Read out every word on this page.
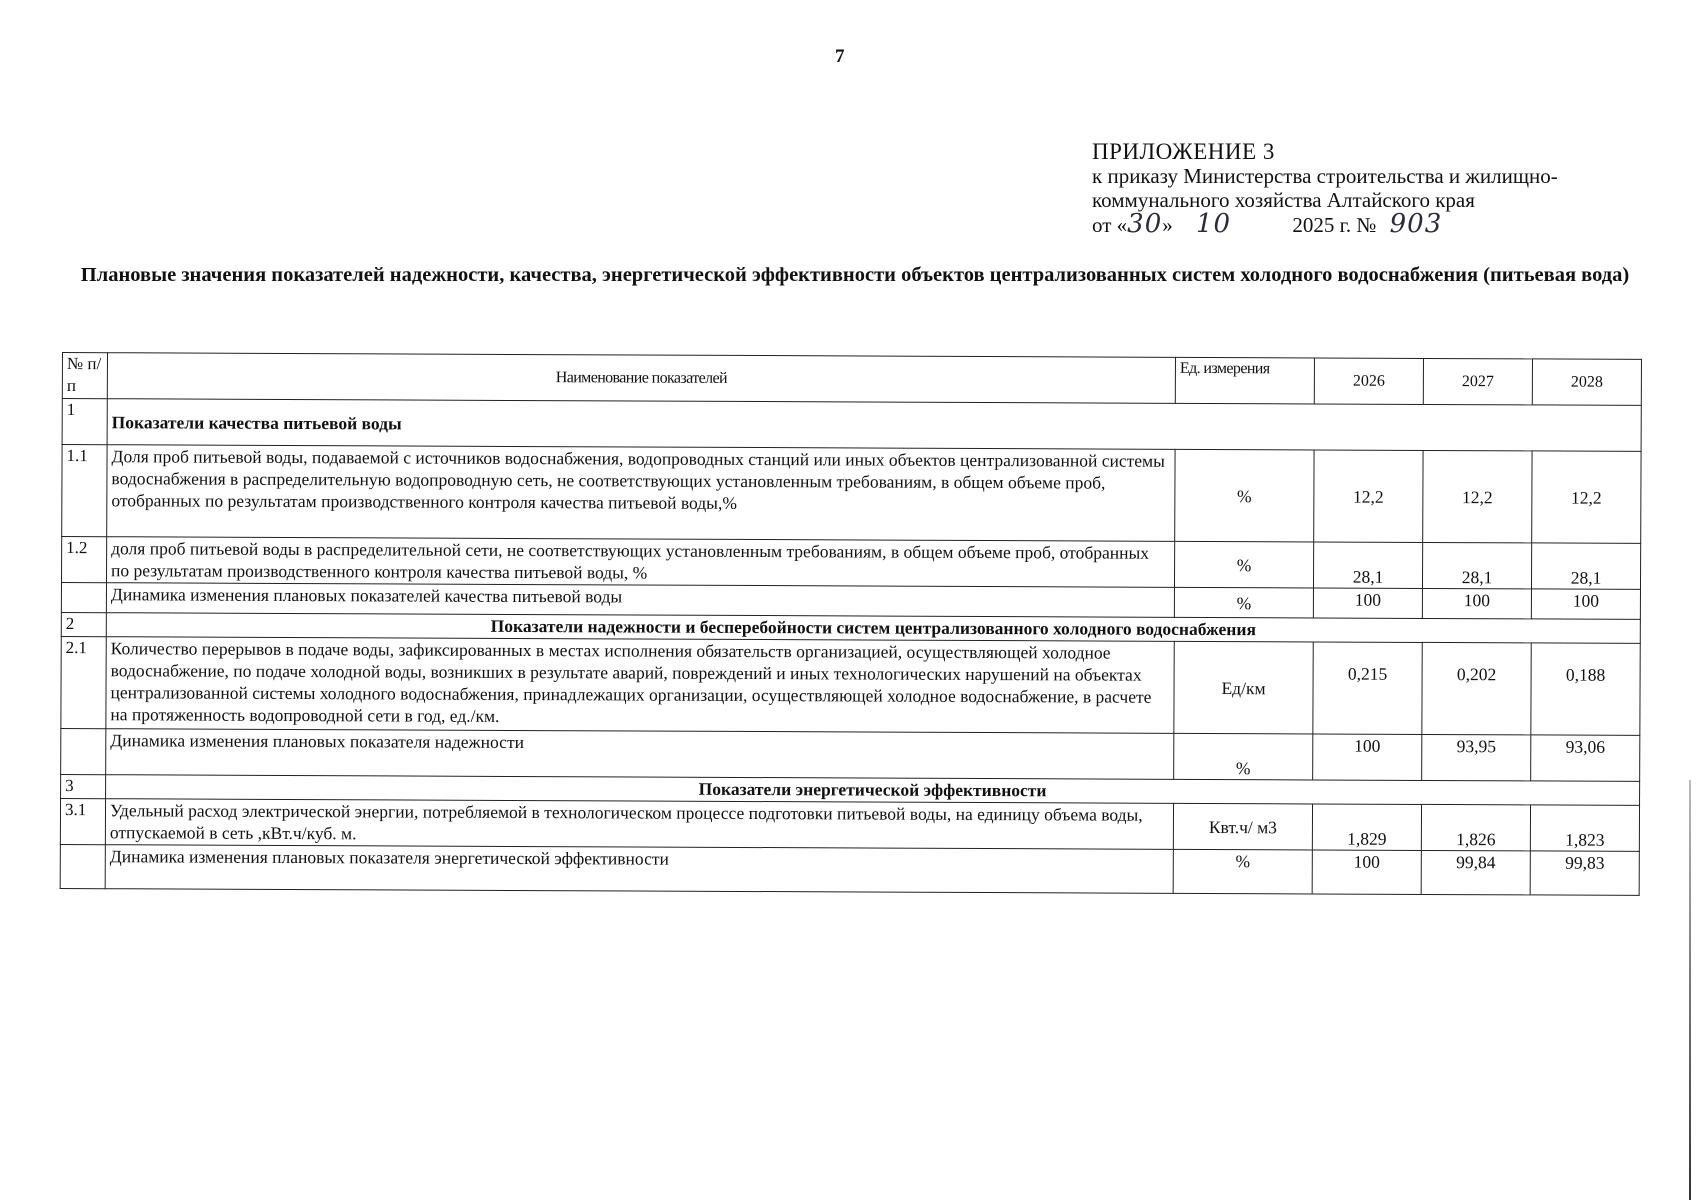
7
ПРИЛОЖЕНИЕ 3
к приказу Министерства строительства и жилищно-
коммунального хозяйства Алтайского края
от «30» 10	2025 г. № 903
Плановые значения показателей надежности, качества, энергетической эффективности объектов централизованных систем холодного водоснабжения (питьевая вода)
№ п/п	Наименование показателей	Ед. измерения	2026	2027	2028
1	Показатели качества питьевой воды				
1.1	Доля проб питьевой воды, подаваемой с источников водоснабжения, водопроводных станций или иных объектов централизованной системы водоснабжения в распределительную водопроводную сеть, не соответствующих установленным требованиям, в общем объеме проб, отобранных по результатам производственного контроля качества питьевой воды,%	%	12,2	12,2	12,2
1.2	доля проб питьевой воды в распределительной сети, не соответствующих установленным требованиям, в общем объеме проб, отобранных по результатам производственного контроля качества питьевой воды, %	%	28,1	28,1	28,1
	Динамика изменения плановых показателей качества питьевой воды	%	100	100	100
2	Показатели надежности и бесперебойности систем централизованного холодного водоснабжения				
2.1	Количество перерывов в подаче воды, зафиксированных в местах исполнения обязательств организацией, осуществляющей холодное водоснабжение, по подаче холодной воды, возникших в результате аварий, повреждений и иных технологических нарушений на объектах централизованной системы холодного водоснабжения, принадлежащих организации, осуществляющей холодное водоснабжение, в расчете на протяженность водопроводной сети в год, ед./км.	Ед/км	0,215	0,202	0,188
	Динамика изменения плановых показателя надежности	%	100	93,95	93,06
3	Показатели энергетической эффективности				
3.1	Удельный расход электрической энергии, потребляемой в технологическом процессе подготовки питьевой воды, на единицу объема воды, отпускаемой в сеть ,кВт.ч/куб. м.	Квт.ч/ м3	1,829	1,826	1,823
	Динамика изменения плановых показателя энергетической эффективности	%	100	99,84	99,83
